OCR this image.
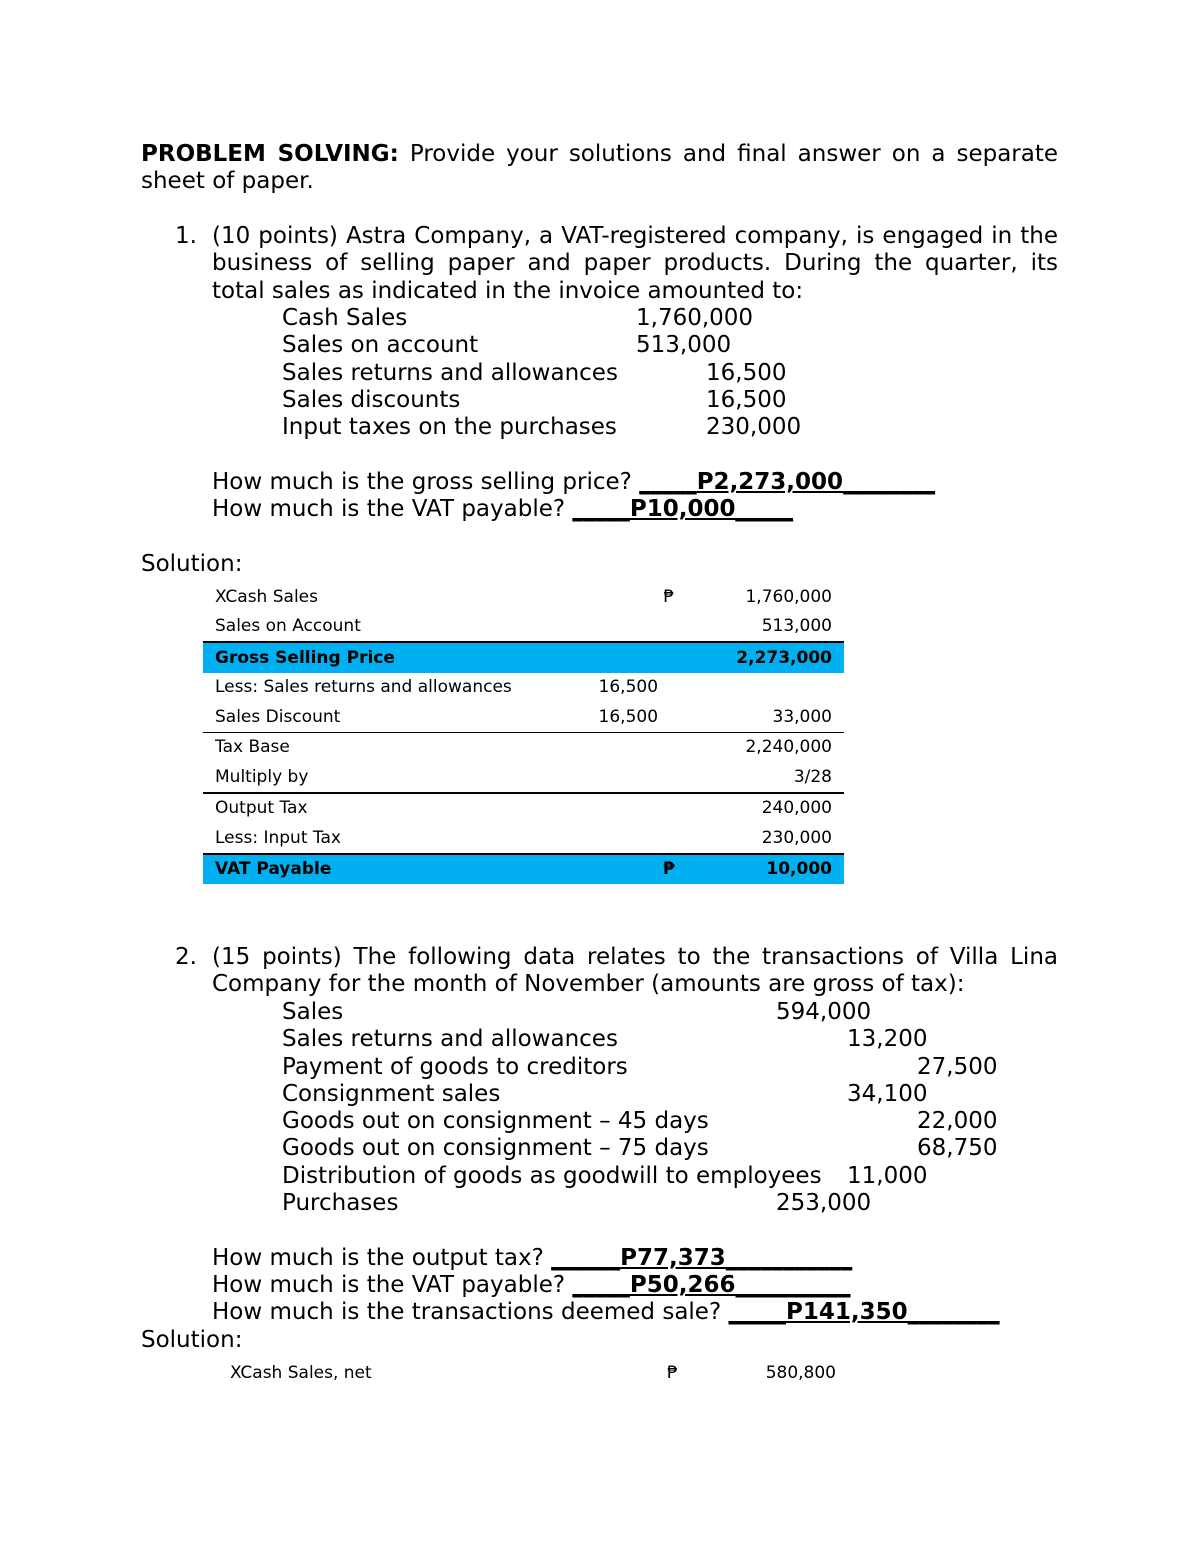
PROBLEM SOLVING: Provide your solutions and final answer on a separate sheet of paper.
1. (10 points) Astra Company, a VAT-registered company, is engaged in the business of selling paper and paper products. During the quarter, its total sales as indicated in the invoice amounted to:
Cash Sales	1,760,000
Sales on account	513,000
Sales returns and allowances	16,500
Sales discounts	16,500
Input taxes on the purchases	230,000
How much is the gross selling price? _____P2,273,000________
How much is the VAT payable? _____P10,000_____
Solution:
XCash Sales		₱	1,760,000
Sales on Account			513,000
Gross Selling Price			2,273,000
Less: Sales returns and allowances	16,500		
Sales Discount	16,500		33,000
Tax Base			2,240,000
Multiply by			3/28
Output Tax			240,000
Less: Input Tax			230,000
VAT Payable		₱	10,000
2. (15 points) The following data relates to the transactions of Villa Lina Company for the month of November (amounts are gross of tax):
Sales	594,000
Sales returns and allowances	13,200
Payment of goods to creditors	27,500
Consignment sales	34,100
Goods out on consignment – 45 days	22,000
Goods out on consignment – 75 days	68,750
Distribution of goods as goodwill to employees 11,000
Purchases	253,000
How much is the output tax? ______P77,373___________
How much is the VAT payable? _____P50,266__________
How much is the transactions deemed sale? _____P141,350________
Solution:
XCash Sales, net		₱	580,800
